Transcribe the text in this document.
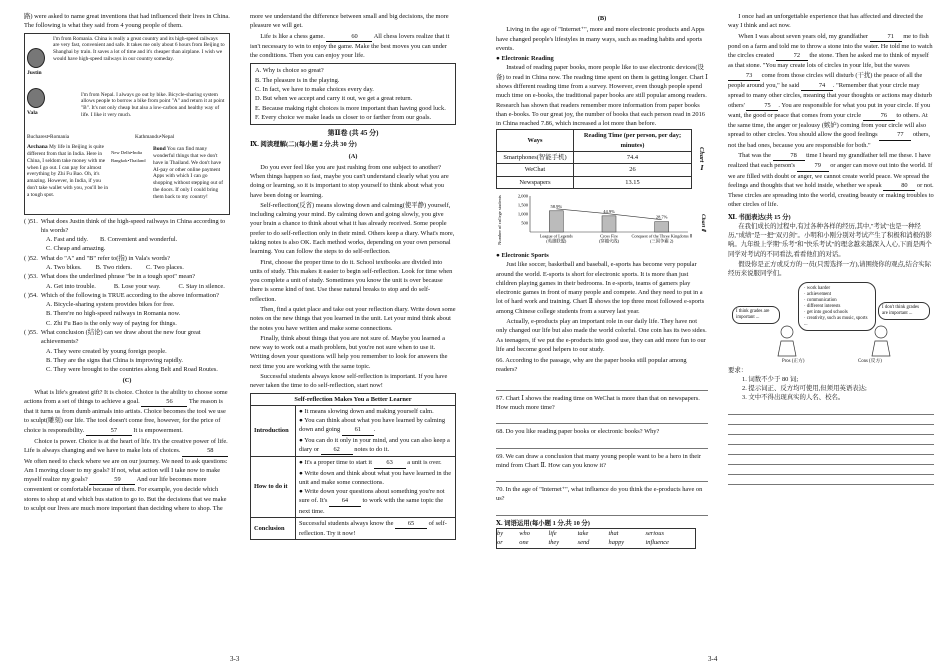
路) were asked to name great inventions that had influenced their lives in China. The following is what they said from 4 young people of them.

I'm from Romania. China is really a great country and its high-speed railways are very fast, convenient and safe. It takes me only about 6 hours from Beijing to Shanghai by train. It saves a lot of time and it's cheaper than airplane. I wish we would have high-speed railways in our country someday.

Justin

Vala
I'm from Nepal. I always go out by bike. Bicycle-sharing system allows people to borrow a bike from point "A" and return it at point "B". It's not only cheap but also a low-carbon and healthy way of life. I like it very much.
Bucharest•Romania	Kathmandu•Nepal
Archana My life in Beijing is quite different from that in India. Here in China, I seldom take money with me when I go out. I can pay for almost everything by Zhi Fu Bao. Oh, it's amazing. However, in India, if you don't take wallet with you, you'll be in a tough spot.
New Delhi•India
Bangkok•Thailand
Bond You can find many wonderful things that we don't have in Thailand. We don't have AI-pay or other online payment Apps with which I can go shopping without stepping out of the doors. If only I could bring them back to my country!
( )51. What does Justin think of the high-speed railways in China according to his words?
A. Fast and tidy. B. Convenient and wonderful.
C. Cheap and amazing.
( )52. What do "A" and "B" refer to(指) in Vala's words?
A. Two bikes. B. Two riders. C. Two places.
( )53. What does the underlined phrase "be in a tough spot" mean?
A. Get into trouble.	B. Lose your way.	C. Stay in silence.
( )54. Which of the following is TRUE according to the above information?
A. Bicycle-sharing system provides bikes for free.
B. There're no high-speed railways in Romania now.
C. Zhi Fu Bao is the only way of paying for things.
( )55. What conclusion (结论) can we draw about the new four great achievements?
A. They were created by young foreign people.
B. They are the signs that China is improving rapidly.
C. They were brought to the countries along Belt and Road Routes.
(C)

What is life's greatest gift? It is choice. Choice is the ability to choose some actions from a set of things to achieve a goal.	56	The reason is that it turns us from dumb animals into artists. Choice becomes the tool we use to sculpt(雕刻) our life. The tool doesn't come free, however, for the price of choice is responsibility.	57	It is empowerment.

Choice is power. Choice is at the heart of life. It's the creative power of life. Life is always changing and we have to make lots of choices.	58 We often need to check where we are on our journey. We need to ask questions: Am I moving closer to my goals? If not, what action will I take now to make myself realize my goals?	59 And our life becomes more convenient or comfortable because of them. For example, you decide which stores to shop at and which bus station to go to. But the decisions that we make to sculpt our lives are much more important than deciding where to shop. The

more we understand the difference between small and big decisions, the more pleasure we will get.

Life is like a chess game.	60 All chess lovers realize that it isn't necessary to win to enjoy the game. Make the best moves you can under the conditions. Then you can enjoy your life.

A. Why is choice so great?
B. The pleasure is in the playing.
C. In fact, we have to make choices every day.
D. But when we accept and carry it out, we get a great return.
E. Because making right choices is more important than having good luck.
F. Every choice we make leads us closer to or farther from our goals.
第Ⅱ卷 (共 45 分)
Ⅸ. 阅读理解(二)(每小题 2 分,共 30 分)
(A)

Do you ever feel like you are just rushing from one subject to another? When things happen so fast, maybe you can't understand clearly what you are doing or learning, so it is important to stop yourself to think about what you have been doing or learning.

Self-reflection(反省) means slowing down and calming(使平静) yourself, including calming your mind. By calming down and going slowly, you give your brain a chance to think about what it has already received. Some people prefer to do self-reflection only in their mind. Others keep a diary. What's more, taking notes is also OK. Each method works, depending on your own personal learning. You can follow the steps to do self-reflection.

First, choose the proper time to do it. School textbooks are divided into units of study. This makes it easier to begin self-reflection. Look for time when you complete a unit of study. Sometimes you know the unit is over because there is some kind of test. Use these natural breaks to stop and do self-reflection.

Then, find a quiet place and take out your reflection diary. Write down some notes on the new things that you learned in the unit. Let your mind think about the notes you have written and make some connections.

Finally, think about things that you are not sure of. Maybe you learned a new way to work out a math problem, but you're not sure when to use it. Writing down your questions will help you remember to look for answers the next time you are working with the same topic.

Successful students always know self-reflection is important. If you have never taken the time to do self-reflection, start now!

Self-reflection Makes You a Better Learner	
Introduction	● It means slowing down and making yourself calm.
● You can think about what you have learned by calming down and going 61 .
● You can do it only in your mind, and you can also keep a diary or 62 notes to do it.

How to do it	● It's a proper time to start it 63 a unit is over.
● Write down and think about what you have learned in the unit and make some connections.
● Write down your questions about something you're not sure of. It's 64 to work with the same topic the next time.

Conclusion	Successful students always know the 65 of self-reflection. Try it now!
(B)

Living in the age of "Internet⁺", more and more electronic products and Apps have changed people's lifestyles in many ways, such as reading habits and sports events.

● Electronic Reading

Instead of reading paper books, more people like to use electronic devices(设备) to read in China now. The reading time spent on them is getting longer. Chart Ⅰ shows different reading time from a survey. However, even though people spend much time on e-books, the traditional paper books are still popular among readers. Research has shown that readers remember more information from paper books than e-books. To our great joy, the number of books that each person read in 2016 in China reached 7.86, which increased a lot more than before.

Ways	Reading Time (per person, per day; minutes)
Smartphones(智能手机)	74.4
WeChat	26
Newspapers	13.15
Chart Ⅰ
Number of college students	500
1,000
1,500
2,000
58.9%
League of Legends (英雄联盟)
44.9%
Cross Fire (穿越火线)
28.7%
Conquest of the Three Kingdoms Ⅱ (三国争霸 2)
Chart Ⅱ
● Electronic Sports

Just like soccer, basketball and baseball, e-sports has become very popular around the world. E-sports is short for electronic sports. It is more than just children playing games in their bedrooms. In e-sports, teams of gamers play electronic games in front of many people and compete. And they need to put in a lot of hard work and training. Chart Ⅱ shows the top three most followed e-sports among Chinese college students from a survey last year.

Actually, e-products play an important role in our daily life. They have not only changed our life but also made the world colorful. One coin has its two sides. As teenagers, if we put the e-products into good use, they can add more fun to our life and become good helpers to our study.

66. According to the passage, why are the paper books still popular among readers?

67. Chart Ⅰ shows the reading time on WeChat is more than that on newspapers. How much more time?

68. Do you like reading paper books or electronic books? Why?

69. We can draw a conclusion that many young people want to be a hero in their mind from Chart Ⅱ. How can you know it?

70. In the age of "Internet⁺", what influence do you think the e-products have on us?

Ⅹ. 词语运用(每小题 1 分,共 10 分)
by	who	life	take	that	serious
or	one	they	send	happy	influence

I once had an unforgettable experience that has affected and directed the way I think and act now.

When I was about seven years old, my grandfather	71 me to fish pond on a farm and told me to throw a stone into the water. He told me to watch the circles created	72 the stone. Then he asked me to think of myself as that stone. "You may create lots of circles in your life, but the waves 73 come from those circles will disturb (干扰) the peace of all the people around you," he said	74 . "Remember that your circle may spread to many other circles, meaning that your thoughts or actions may disturb others'	75 . You are responsible for what you put in your circle. If you want, the good or peace that comes from your circle	76 to others. At the same time, the anger or jealousy (嫉妒) coming from your circle will also spread to other circles. You should allow the good feelings	77 others, not the bad ones, because you are responsible for both."

That was the	78 time I heard my grandfather tell me these. I have realized that each person's	79 or anger can move out into the world. If we are filled with doubt or anger, we cannot create world peace. We spread the feelings and thoughts that we hold inside, whether we speak	80 or not. These circles are spreading into the world, creating beauty or making troubles to other circles of life.

Ⅺ. 书面表达(共 15 分)

在我们成长的过程中,有过各种各样的经历,其中,"考试"也是一种经历,"成绩"是一把"双刃剑"。小明和小刚分别对考试产生了积极和消极的影响。九年级上学期"乐考"和"快乐考试"的理念越来越深入人心,下面是两个同学对考试的不同看法,看看他们的对话。

假设你是正方或反方的一员(只需选择一方),请围绕你的观点,结合实际经历来说服同学们。

I think grades are important ...
· work harder
· achievement
· communication
· different interests
· get into good schools
· creativity, such as music, sports ...
I don't think grades are important ...
Pros (正方)	Cons (反方)
要求：
1. 词数不少于 80 词;
2. 提示词正、反方均可使用,但须用英语表达;
3. 文中不得出现真实的人名、校名。
3-3	3-4
